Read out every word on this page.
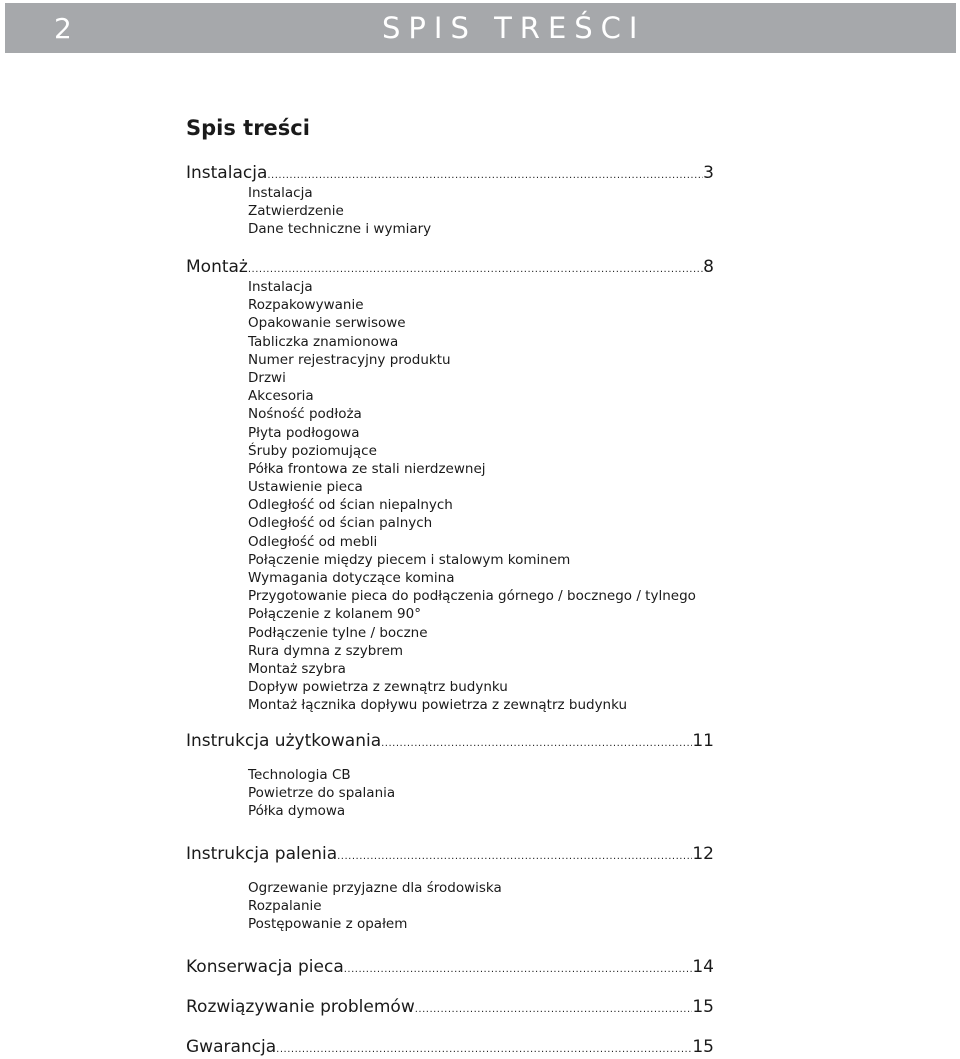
2	SPIS TREŚCI
Spis treści
Instalacja .....	3
Instalacja
Zatwierdzenie
Dane techniczne i wymiary
Montaż .....	8
Instalacja
Rozpakowywanie
Opakowanie serwisowe
Tabliczka znamionowa
Numer rejestracyjny produktu
Drzwi
Akcesoria
Nośność podłoża
Płyta podłogowa
Śruby poziomujące
Półka frontowa ze stali nierdzewnej
Ustawienie pieca
Odległość od ścian niepalnych
Odległość od ścian palnych
Odległość od mebli
Połączenie między piecem i stalowym kominem
Wymagania dotyczące komina
Przygotowanie pieca do podłączenia górnego / bocznego / tylnego
Połączenie z kolanem 90°
Podłączenie tylne / boczne
Rura dymna z szybrem
Montaż szybra
Dopływ powietrza z zewnątrz budynku
Montaż łącznika dopływu powietrza z zewnątrz budynku
Instrukcja użytkowania .....	11
Technologia CB
Powietrze do spalania
Półka dymowa
Instrukcja palenia .....	12
Ogrzewanie przyjazne dla środowiska
Rozpalanie
Postępowanie z opałem
Konserwacja pieca .....	14
Rozwiązywanie problemów .....	15
Gwarancja .....	15
